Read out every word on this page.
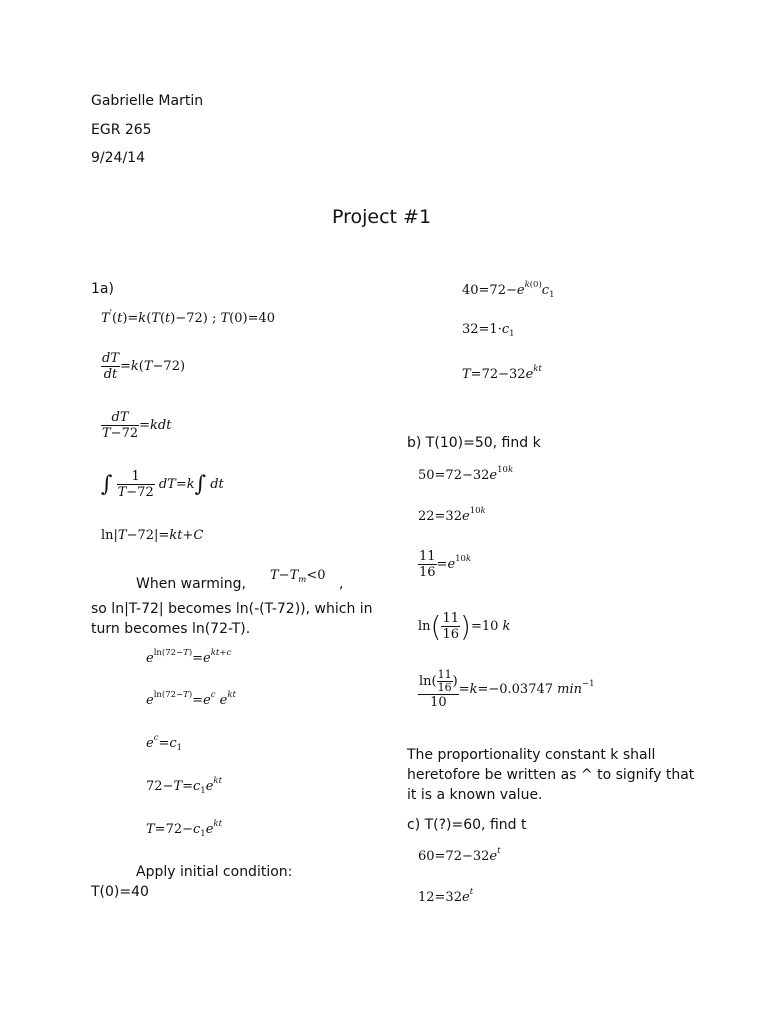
Gabrielle Martin
EGR 265
9/24/14
Project #1
1a)
T'(t)=k(T(t)−72) ; T(0)=40
$\frac{dT}{dt} =k(T-72)$
$\frac{dT}{T-72} =kdt$
∫ $\frac{1}{T-72} dT=k\int$ dt
ln|T−72|=kt+C
When warming,
$T-T_m<0$
,
so ln|T-72| becomes ln(-(T-72)), which in turn becomes ln(72-T).
$e^{ln(72-T)}=e^{kt+c}$
$e^{ln(72-T)}=e^c$ $e^{kt}$
$e^c=c_1$
$72-T=c_1e^{kt}$
$T=72-c_1e^{kt}$
Apply initial condition: T(0)=40
$40=72-e^{k(0)}c_1$
$32=1\cdot c_1$
$T=72-32e^{kt}$
b) T(10)=50, find k
$50=72-32e^{10k}$
$22=32e^{10k}$
$\frac{11}{16} =e^{10k}$
$\ln( \frac{11}{16} )=10$ k
$\frac{\ln( \frac{11}{16} )}{10} =k=-0.03747$ $\min^{-1}$
The proportionality constant k shall heretofore be written as ^ to signify that it is a known value.
c) T(?)=60, find t
$60=72-32e^t$
$12=32e^t$
